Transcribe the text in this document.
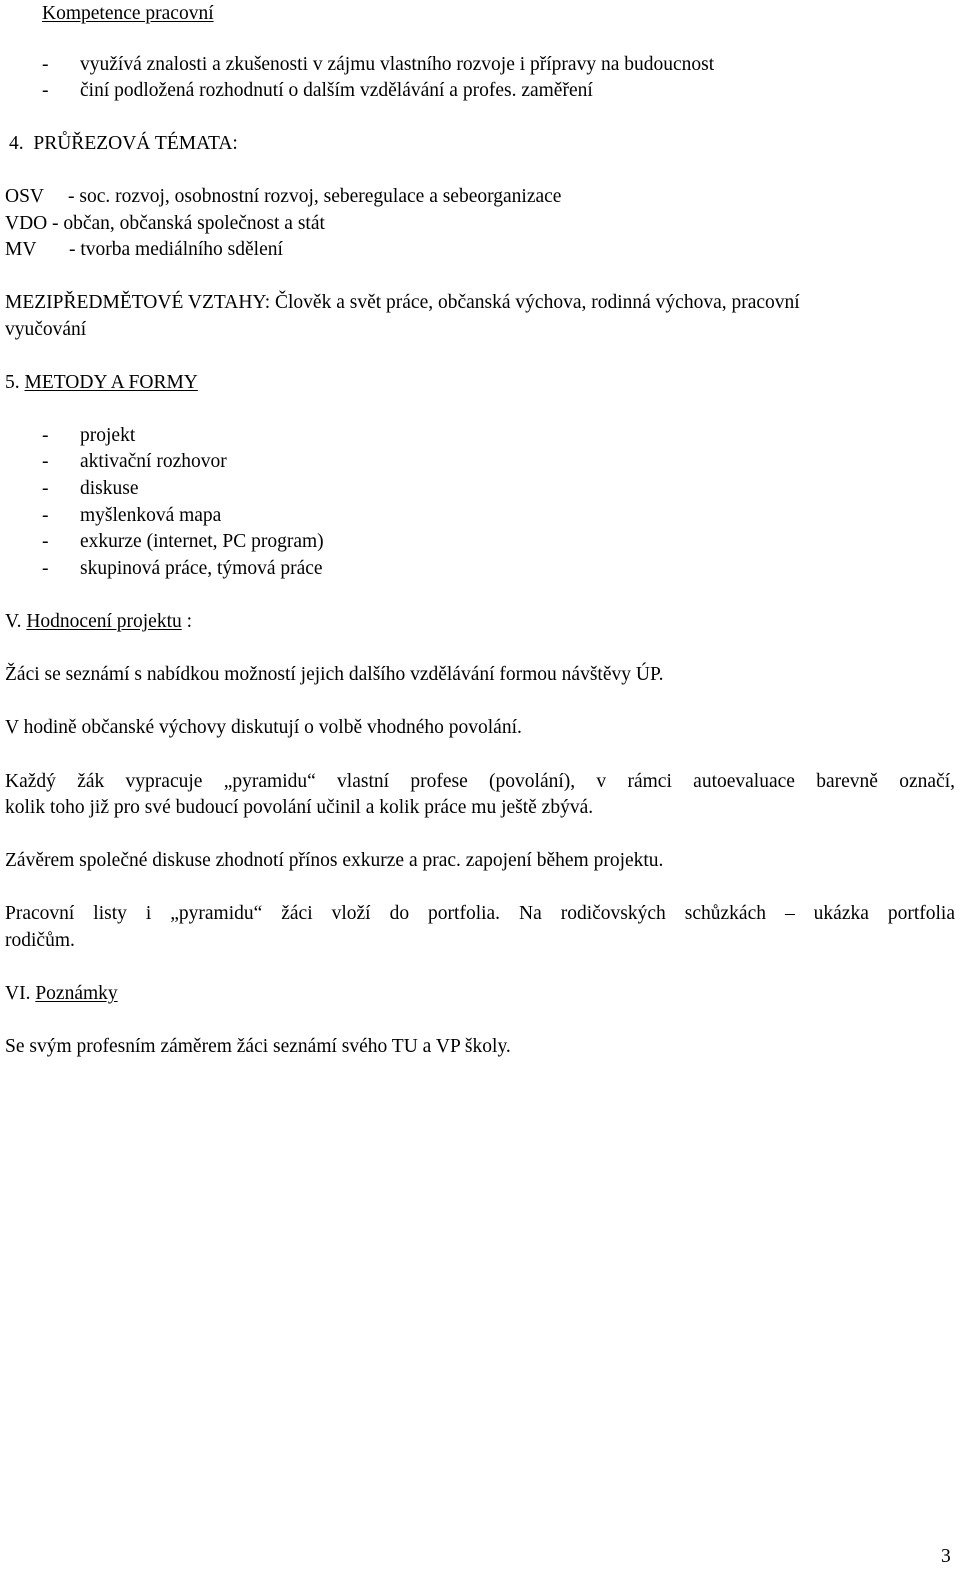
Kompetence pracovní
- využívá znalosti a zkušenosti v zájmu vlastního rozvoje i přípravy na budoucnost
- činí podložená rozhodnutí o dalším vzdělávání a profes. zaměření
4. PRŮŘEZOVÁ TÉMATA:
OSV - soc. rozvoj, osobnostní rozvoj, seberegulace a sebeorganizace
VDO - občan, občanská společnost a stát
MV - tvorba mediálního sdělení
MEZIPŘEDMĚTOVÉ VZTAHY: Člověk a svět práce, občanská výchova, rodinná výchova, pracovní
vyučování
5. METODY A FORMY
- projekt
- aktivační rozhovor
- diskuse
- myšlenková mapa
- exkurze (internet, PC program)
- skupinová práce, týmová práce
V. Hodnocení projektu :
Žáci se seznámí s nabídkou možností jejich dalšího vzdělávání formou návštěvy ÚP.
V hodině občanské výchovy diskutují o volbě vhodného povolání.
Každý žák vypracuje „pyramidu“ vlastní profese (povolání), v rámci autoevaluace barevně označí,
kolik toho již pro své budoucí povolání učinil a kolik práce mu ještě zbývá.
Závěrem společné diskuse zhodnotí přínos exkurze a prac. zapojení během projektu.
Pracovní listy i „pyramidu“ žáci vloží do portfolia. Na rodičovských schůzkách – ukázka portfolia
rodičům.
VI. Poznámky
Se svým profesním záměrem žáci seznámí svého TU a VP školy.
3
